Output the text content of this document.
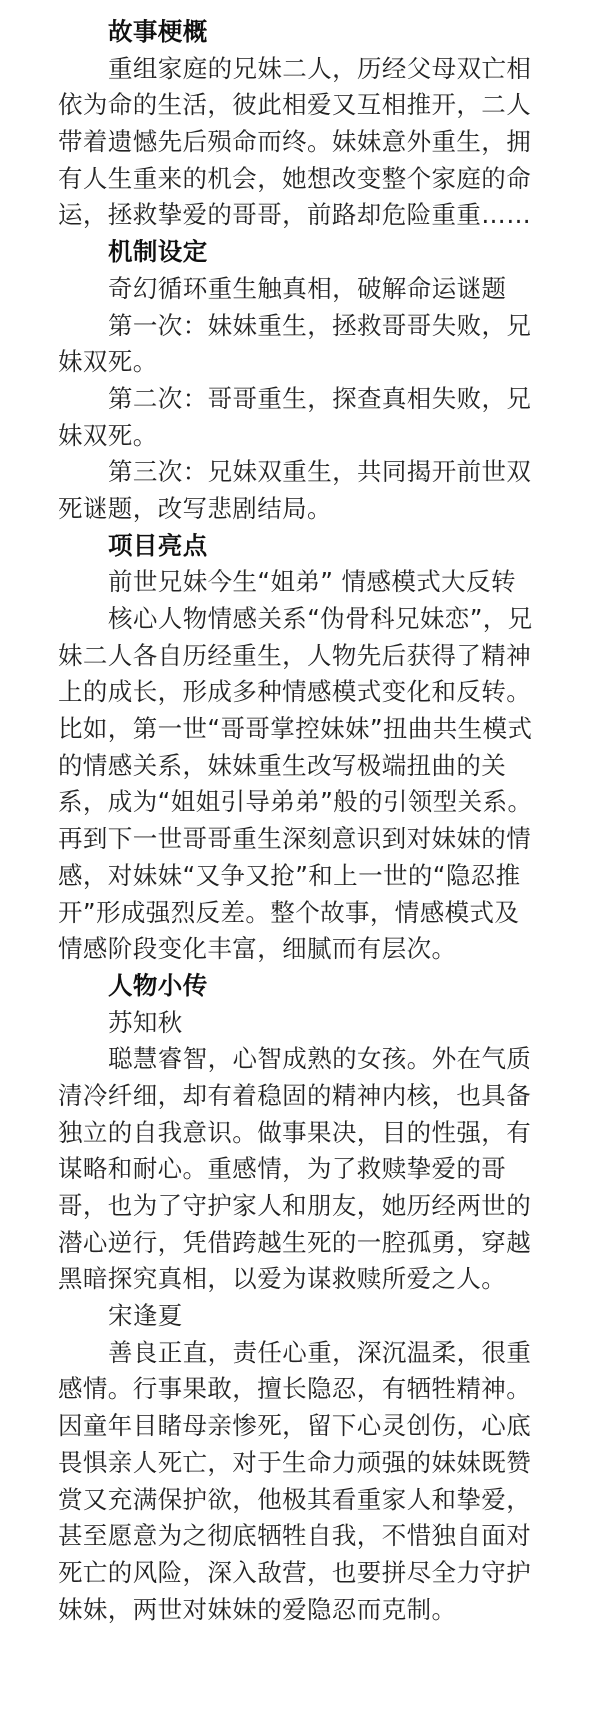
故事梗概
重组家庭的兄妹二人，历经父母双亡相
依为命的生活，彼此相爱又互相推开，二人
带着遗憾先后殒命而终。妹妹意外重生，拥
有人生重来的机会，她想改变整个家庭的命
运，拯救挚爱的哥哥，前路却危险重重……
机制设定
奇幻循环重生触真相，破解命运谜题
第一次：妹妹重生，拯救哥哥失败，兄
妹双死。
第二次：哥哥重生，探查真相失败，兄
妹双死。
第三次：兄妹双重生，共同揭开前世双
死谜题，改写悲剧结局。
项目亮点
前世兄妹今生“姐弟” 情感模式大反转
核心人物情感关系“伪骨科兄妹恋”，兄
妹二人各自历经重生，人物先后获得了精神
上的成长，形成多种情感模式变化和反转。
比如，第一世“哥哥掌控妹妹”扭曲共生模式
的情感关系，妹妹重生改写极端扭曲的关
系，成为“姐姐引导弟弟”般的引领型关系。
再到下一世哥哥重生深刻意识到对妹妹的情
感，对妹妹“又争又抢”和上一世的“隐忍推
开”形成强烈反差。整个故事，情感模式及
情感阶段变化丰富，细腻而有层次。
人物小传
苏知秋
聪慧睿智，心智成熟的女孩。外在气质
清冷纤细，却有着稳固的精神内核，也具备
独立的自我意识。做事果决，目的性强，有
谋略和耐心。重感情，为了救赎挚爱的哥
哥，也为了守护家人和朋友，她历经两世的
潜心逆行，凭借跨越生死的一腔孤勇，穿越
黑暗探究真相，以爱为谋救赎所爱之人。
宋逢夏
善良正直，责任心重，深沉温柔，很重
感情。行事果敢，擅长隐忍，有牺牲精神。
因童年目睹母亲惨死，留下心灵创伤，心底
畏惧亲人死亡，对于生命力顽强的妹妹既赞
赏又充满保护欲，他极其看重家人和挚爱，
甚至愿意为之彻底牺牲自我，不惜独自面对
死亡的风险，深入敌营，也要拼尽全力守护
妹妹，两世对妹妹的爱隐忍而克制。
